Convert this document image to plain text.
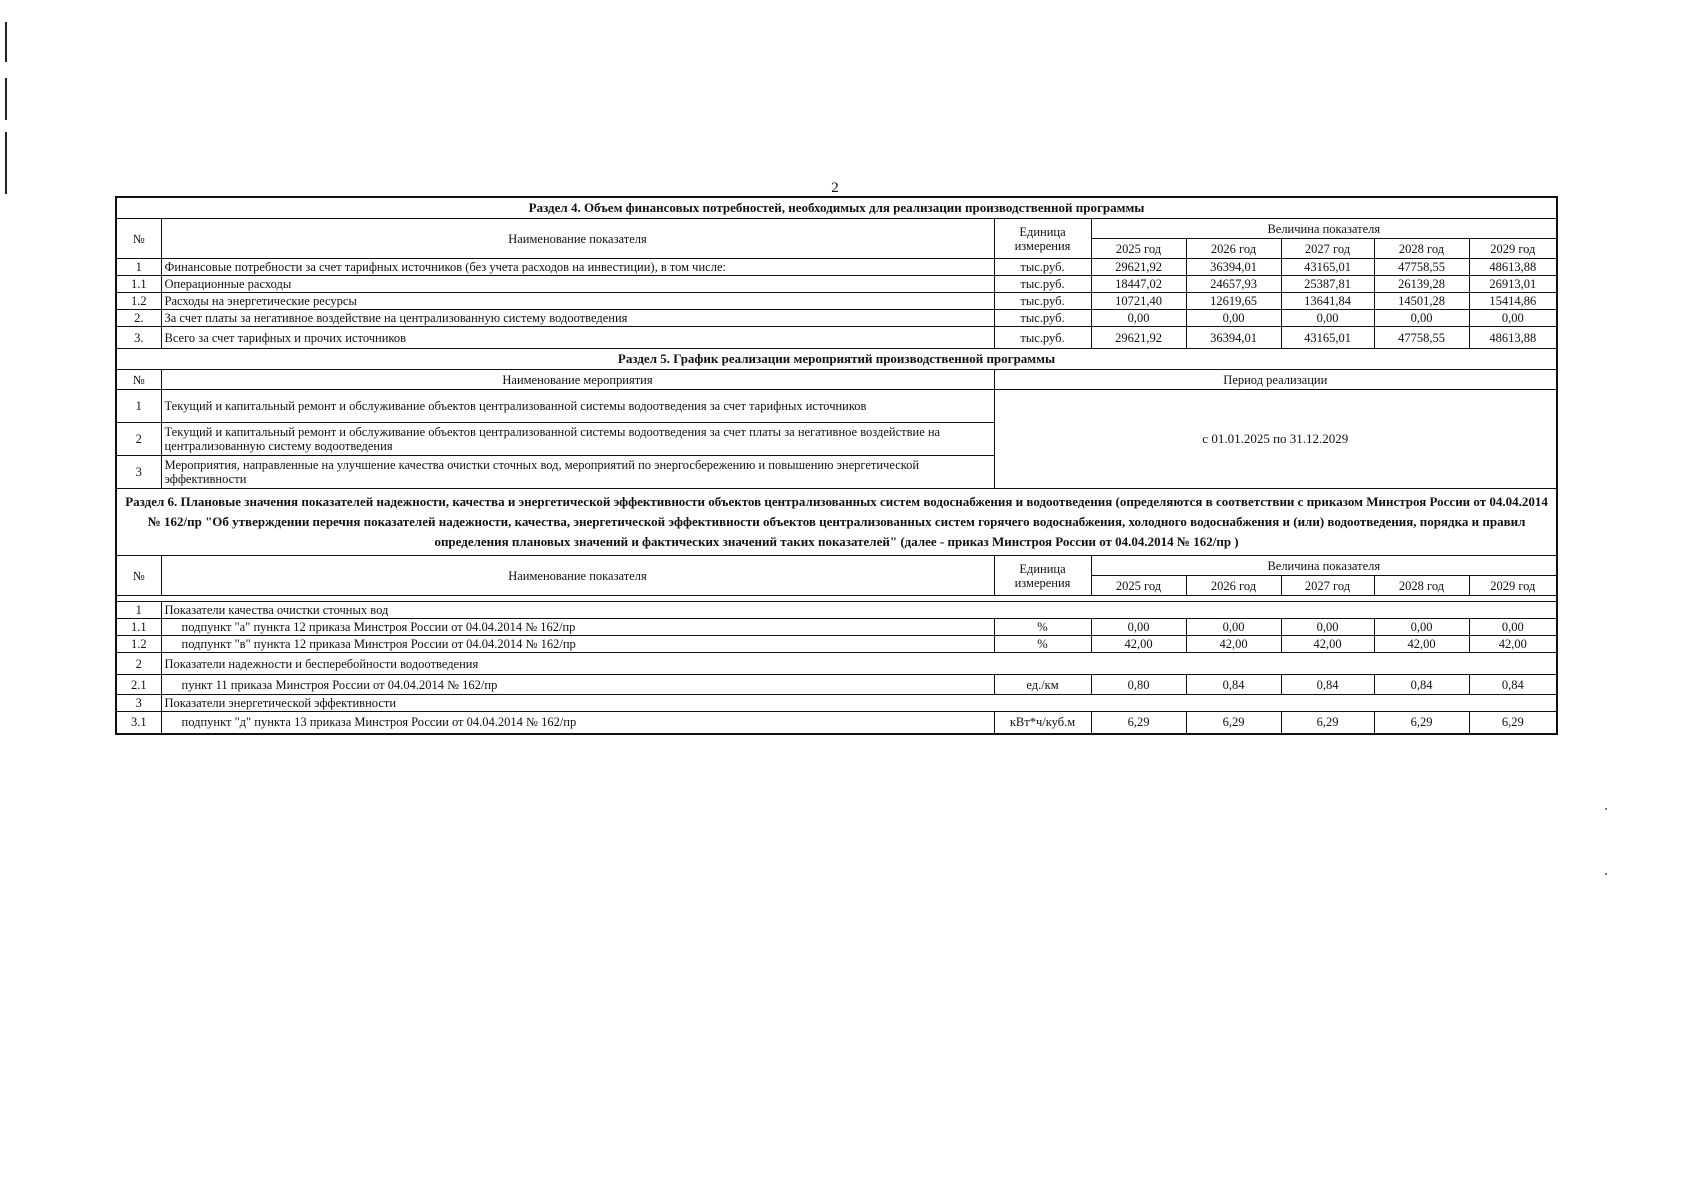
2
Раздел 4. Объем финансовых потребностей, необходимых для реализации производственной программы							
№	Наименование показателя	Единица измерения	Величина показателя				
			2025 год	2026 год	2027 год	2028 год	2029 год
1	Финансовые потребности за счет тарифных источников (без учета расходов на инвестиции), в том числе:	тыс.руб.	29621,92	36394,01	43165,01	47758,55	48613,88
1.1	Операционные расходы	тыс.руб.	18447,02	24657,93	25387,81	26139,28	26913,01
1.2	Расходы на энергетические ресурсы	тыс.руб.	10721,40	12619,65	13641,84	14501,28	15414,86
2.	За счет платы за негативное воздействие на централизованную систему водоотведения	тыс.руб.	0,00	0,00	0,00	0,00	0,00
3.	Всего за счет тарифных и прочих источников	тыс.руб.	29621,92	36394,01	43165,01	47758,55	48613,88
Раздел 5. График реализации мероприятий производственной программы							
№	Наименование мероприятия	Период реализации					
1	Текущий и капитальный ремонт и обслуживание объектов централизованной системы водоотведения за счет тарифных источников	с 01.01.2025 по 31.12.2029					
2	Текущий и капитальный ремонт и обслуживание объектов централизованной системы водоотведения за счет платы за негативное воздействие на централизованную систему водоотведения						
3	Мероприятия, направленные на улучшение качества очистки сточных вод, мероприятий по энергосбережению и повышению энергетической эффективности						
Раздел 6. Плановые значения показателей надежности, качества и энергетической эффективности объектов централизованных систем водоснабжения и водоотведения (определяются в соответствии с приказом Минстроя России от 04.04.2014 № 162/пр "Об утверждении перечня показателей надежности, качества, энергетической эффективности объектов централизованных систем горячего водоснабжения, холодного водоснабжения и (или) водоотведения, порядка и правил определения плановых значений и фактических значений таких показателей" (далее - приказ Минстроя России от 04.04.2014 № 162/пр )							
№	Наименование показателя	Единица измерения	Величина показателя				
			2025 год	2026 год	2027 год	2028 год	2029 год

1	Показатели качества очистки сточных вод						
1.1	подпункт "а" пункта 12 приказа Минстроя России от 04.04.2014 № 162/пр	%	0,00	0,00	0,00	0,00	0,00
1.2	подпункт "в" пункта 12 приказа Минстроя России от 04.04.2014 № 162/пр	%	42,00	42,00	42,00	42,00	42,00
2	Показатели надежности и бесперебойности водоотведения						
2.1	пункт 11 приказа Минстроя России от 04.04.2014 № 162/пр	ед./км	0,80	0,84	0,84	0,84	0,84
3	Показатели энергетической эффективности						
3.1	подпункт "д" пункта 13 приказа Минстроя России от 04.04.2014 № 162/пр	кВт*ч/куб.м	6,29	6,29	6,29	6,29	6,29
